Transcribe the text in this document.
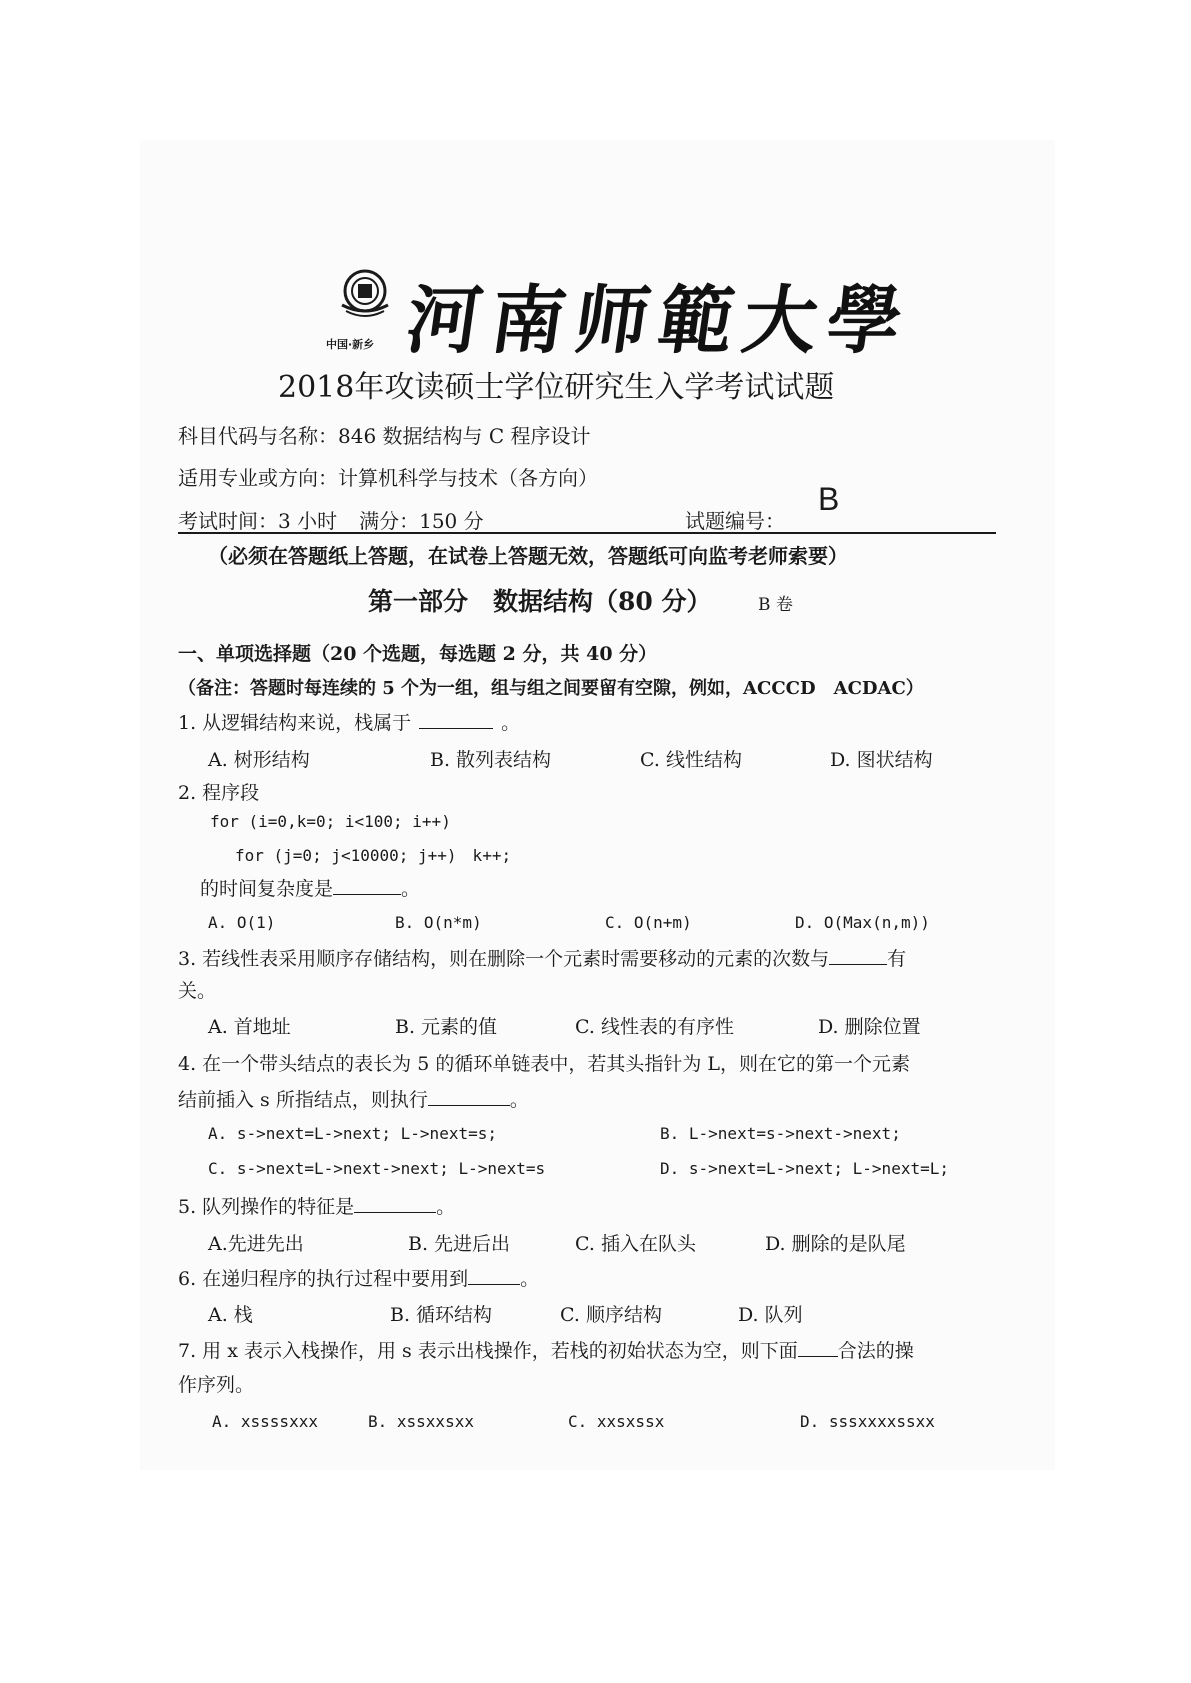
中国·新乡 河南师範大學
2018年攻读硕士学位研究生入学考试试题
科目代码与名称：846 数据结构与 C 程序设计
适用专业或方向：计算机科学与技术（各方向）
考试时间：3 小时 满分：150 分	试题编号：
B
（必须在答题纸上答题，在试卷上答题无效，答题纸可向监考老师索要）
第一部分　数据结构（80 分）	B 卷
一、单项选择题（20 个选题，每选题 2 分，共 40 分）
（备注：答题时每连续的 5 个为一组，组与组之间要留有空隙，例如，ACCCD　ACDAC）
1. 从逻辑结构来说，栈属于	。
A. 树形结构	B. 散列表结构	C. 线性结构	D. 图状结构
2. 程序段
for (i=0,k=0; i<100; i++)
for (j=0; j<10000; j++)　k++;
的时间复杂度是	。
A. O(1)	B. O(n*m)	C. O(n+m)	D. O(Max(n,m))
3. 若线性表采用顺序存储结构，则在删除一个元素时需要移动的元素的次数与	有
关。
A. 首地址	B. 元素的值	C. 线性表的有序性	D. 删除位置
4. 在一个带头结点的表长为 5 的循环单链表中，若其头指针为 L，则在它的第一个元素
结前插入 s 所指结点，则执行	。
A. s->next=L->next; L->next=s;	B. L->next=s->next->next;
C. s->next=L->next->next; L->next=s	D. s->next=L->next; L->next=L;
5. 队列操作的特征是	。
A.先进先出	B. 先进后出	C. 插入在队头	D. 删除的是队尾
6. 在递归程序的执行过程中要用到	。
A. 栈	B. 循环结构	C. 顺序结构	D. 队列
7. 用 x 表示入栈操作，用 s 表示出栈操作，若栈的初始状态为空，则下面 合法的操
作序列。
A. xssssxxx	B. xssxxsxx	C. xxsxssx	D. sssxxxxssxx
